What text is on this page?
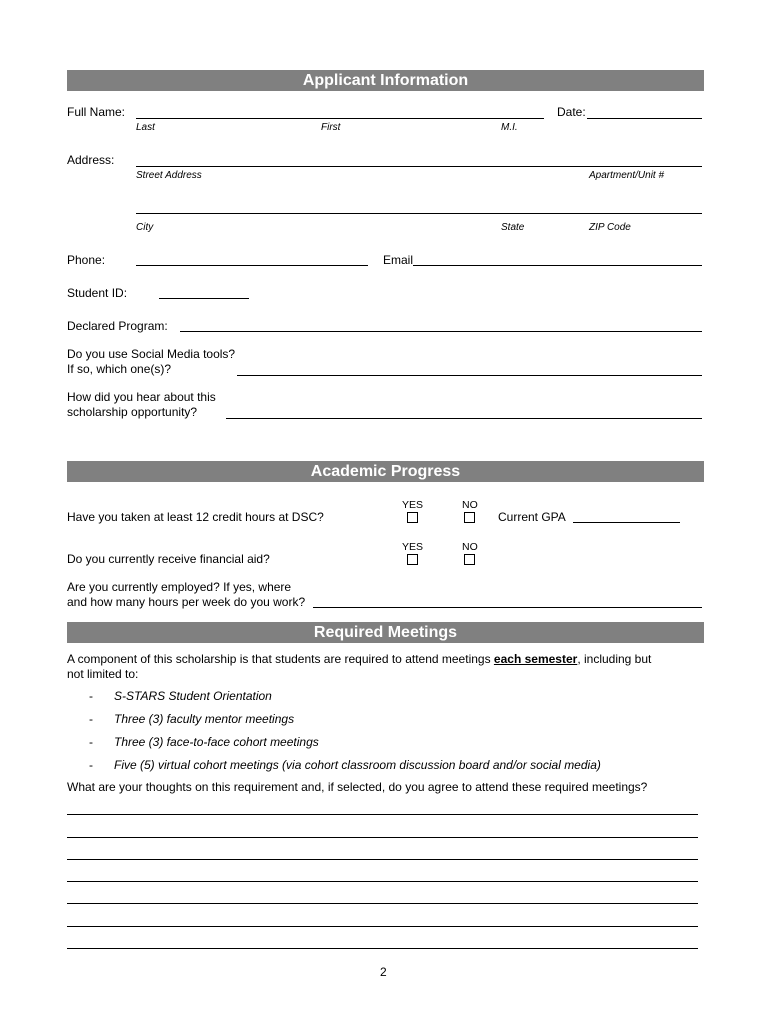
Applicant Information
Full Name:	Date:
Last	First	M.I.
Address:
Street Address	Apartment/Unit #
City	State	ZIP Code
Phone:	Email
Student ID:
Declared Program:
Do you use Social Media tools?
If so, which one(s)?
How did you hear about this
scholarship opportunity?
Academic Progress
YES	NO
Have you taken at least 12 credit hours at DSC?	Current GPA
YES	NO
Do you currently receive financial aid?
Are you currently employed? If yes, where
and how many hours per week do you work?
Required Meetings
A component of this scholarship is that students are required to attend meetings each semester, including but
not limited to:
- S-STARS Student Orientation
- Three (3) faculty mentor meetings
- Three (3) face-to-face cohort meetings
- Five (5) virtual cohort meetings (via cohort classroom discussion board and/or social media)
What are your thoughts on this requirement and, if selected, do you agree to attend these required meetings?
2
